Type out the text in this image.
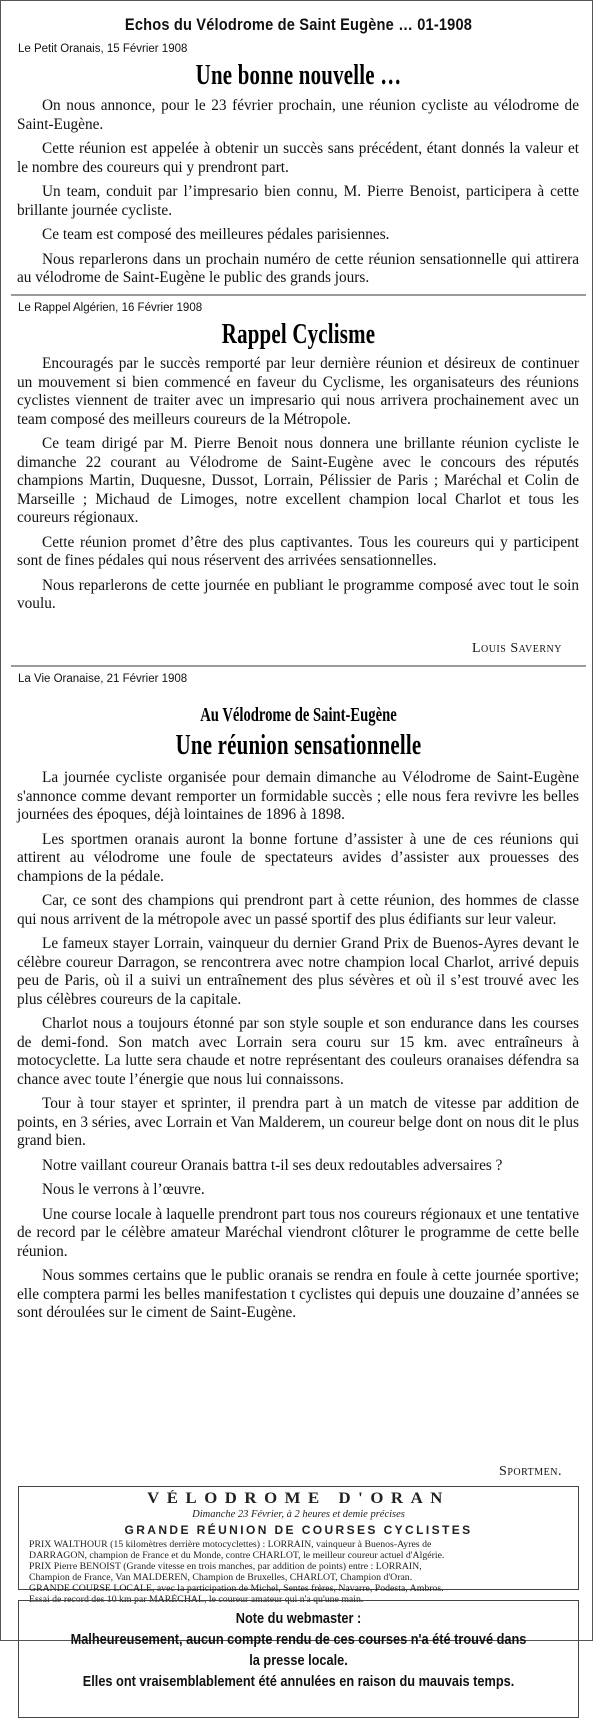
Echos du Vélodrome de Saint Eugène … 01-1908
Le Petit Oranais, 15 Février 1908
Une bonne nouvelle …

On nous annonce, pour le 23 février prochain, une réunion cycliste au vélodrome de Saint-Eugène.

Cette réunion est appelée à obtenir un succès sans précédent, étant donnés la valeur et le nombre des coureurs qui y prendront part.

Un team, conduit par l’impresario bien connu, M. Pierre Benoist, participera à cette brillante journée cycliste.

Ce team est composé des meilleures pédales parisiennes.

Nous reparlerons dans un prochain numéro de cette réunion sensationnelle qui attirera au vélodrome de Saint-Eugène le public des grands jours.

Le Rappel Algérien, 16 Février 1908
Rappel Cyclisme

Encouragés par le succès remporté par leur dernière réunion et désireux de continuer un mouvement si bien commencé en faveur du Cyclisme, les organisateurs des réunions cyclistes viennent de traiter avec un impresario qui nous arrivera prochainement avec un team composé des meilleurs coureurs de la Métropole.

Ce team dirigé par M. Pierre Benoit nous donnera une brillante réunion cycliste le dimanche 22 courant au Vélodrome de Saint-Eugène avec le concours des réputés champions Martin, Duquesne, Dussot, Lorrain, Pélissier de Paris ; Maréchal et Colin de Marseille ; Michaud de Limoges, notre excellent champion local Charlot et tous les coureurs régionaux.

Cette réunion promet d’être des plus captivantes. Tous les coureurs qui y participent sont de fines pédales qui nous réservent des arrivées sensationnelles.

Nous reparlerons de cette journée en publiant le programme composé avec tout le soin voulu.

Louis Saverny
La Vie Oranaise, 21 Février 1908
Au Vélodrome de Saint-Eugène
Une réunion sensationnelle

La journée cycliste organisée pour demain dimanche au Vélodrome de Saint-Eugène s'annonce comme devant remporter un formidable succès ; elle nous fera revivre les belles journées des époques, déjà lointaines de 1896 à 1898.

Les sportmen oranais auront la bonne fortune d’assister à une de ces réunions qui attirent au vélodrome une foule de spectateurs avides d’assister aux prouesses des champions de la pédale.

Car, ce sont des champions qui prendront part à cette réunion, des hommes de classe qui nous arrivent de la métropole avec un passé sportif des plus édifiants sur leur valeur.

Le fameux stayer Lorrain, vainqueur du dernier Grand Prix de Buenos-Ayres devant le célèbre coureur Darragon, se rencontrera avec notre champion local Charlot, arrivé depuis peu de Paris, où il a suivi un entraînement des plus sévères et où il s’est trouvé avec les plus célèbres coureurs de la capitale.

Charlot nous a toujours étonné par son style souple et son endurance dans les courses de demi-fond. Son match avec Lorrain sera couru sur 15 km. avec entraîneurs à motocyclette. La lutte sera chaude et notre représentant des couleurs oranaises défendra sa chance avec toute l’énergie que nous lui connaissons.

Tour à tour stayer et sprinter, il prendra part à un match de vitesse par addition de points, en 3 séries, avec Lorrain et Van Malderem, un coureur belge dont on nous dit le plus grand bien.

Notre vaillant coureur Oranais battra t-il ses deux redoutables adversaires ?

Nous le verrons à l’œuvre.

Une course locale à laquelle prendront part tous nos coureurs régionaux et une tentative de record par le célèbre amateur Maréchal viendront clôturer le programme de cette belle réunion.

Nous sommes certains que le public oranais se rendra en foule à cette journée sportive; elle comptera parmi les belles manifestation t cyclistes qui depuis une douzaine d’années se sont déroulées sur le ciment de Saint-Eugène.

Sportmen.
VÉLODROME D'ORAN
Dimanche 23 Février, à 2 heures et demie précises
GRANDE RÉUNION DE COURSES CYCLISTES
PRIX WALTHOUR (15 kilomètres derrière motocyclettes) : LORRAIN, vainqueur à Buenos-Ayres de
DARRAGON, champion de France et du Monde, contre CHARLOT, le meilleur coureur actuel d'Algérie.
PRIX Pierre BENOIST (Grande vitesse en trois manches, par addition de points) entre : LORRAIN,
Champion de France, Van MALDEREN, Champion de Bruxelles, CHARLOT, Champion d'Oran.
GRANDE COURSE LOCALE, avec la participation de Michel, Sentes frères, Navarre, Podesta, Ambros.
Essai de record des 10 km par MARÉCHAL, le coureur amateur qui n'a qu'une main.
Note du webmaster :
Malheureusement, aucun compte rendu de ces courses n'a été trouvé dans
la presse locale.
Elles ont vraisemblablement été annulées en raison du mauvais temps.
